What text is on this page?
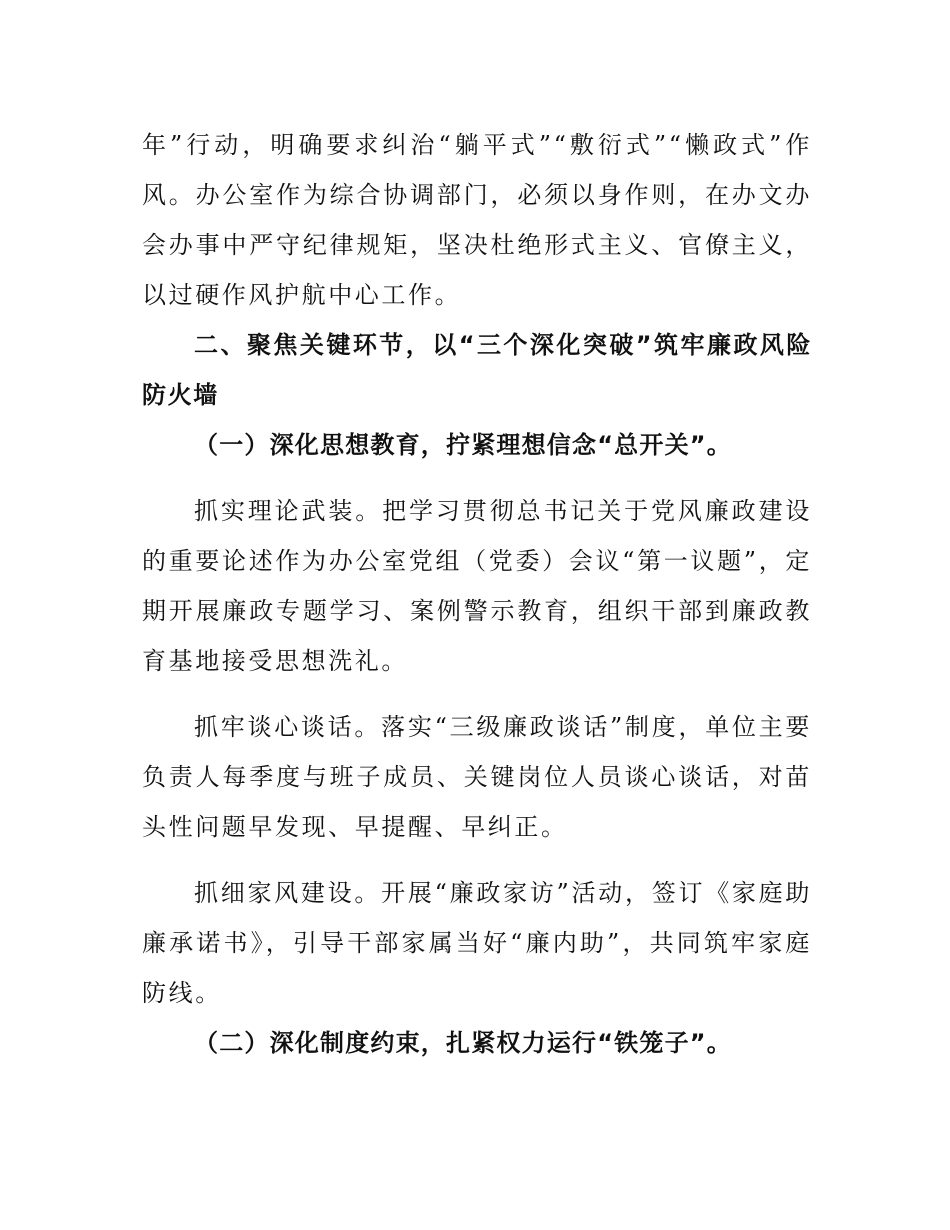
年”行动，明确要求纠治“躺平式”“敷衍式”“懒政式”作风。办公室作为综合协调部门，必须以身作则，在办文办会办事中严守纪律规矩，坚决杜绝形式主义、官僚主义，以过硬作风护航中心工作。

二、聚焦关键环节，以“三个深化突破”筑牢廉政风险防火墙

（一）深化思想教育，拧紧理想信念“总开关”。

抓实理论武装。把学习贯彻总书记关于党风廉政建设的重要论述作为办公室党组（党委）会议“第一议题”，定期开展廉政专题学习、案例警示教育，组织干部到廉政教育基地接受思想洗礼。

抓牢谈心谈话。落实“三级廉政谈话”制度，单位主要负责人每季度与班子成员、关键岗位人员谈心谈话，对苗头性问题早发现、早提醒、早纠正。

抓细家风建设。开展“廉政家访”活动，签订《家庭助廉承诺书》，引导干部家属当好“廉内助”，共同筑牢家庭防线。

（二）深化制度约束，扎紧权力运行“铁笼子”。
